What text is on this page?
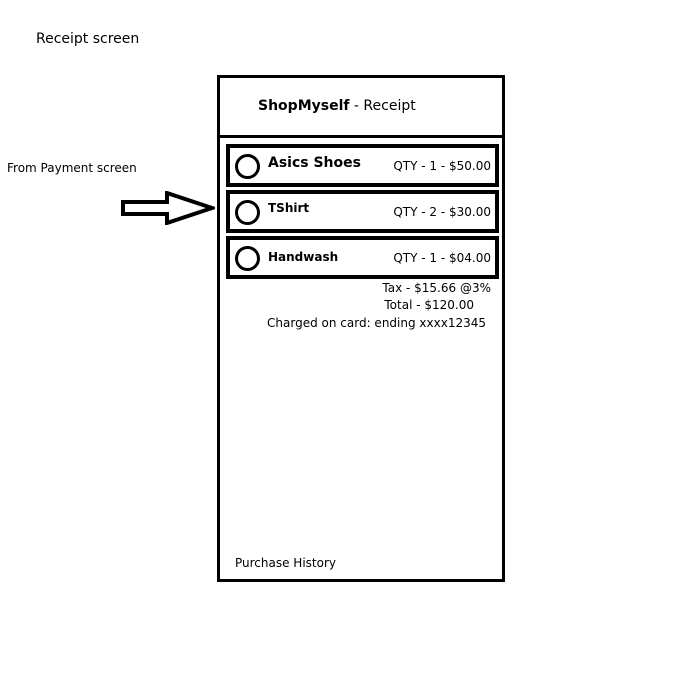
Receipt screen
From Payment screen
ShopMyself - Receipt
Asics Shoes	QTY - 1 - $50.00
TShirt	QTY - 2 - $30.00
Handwash	QTY - 1 - $04.00
Tax - $15.66 @3%
Total - $120.00
Charged on card: ending xxxx12345
Purchase History
